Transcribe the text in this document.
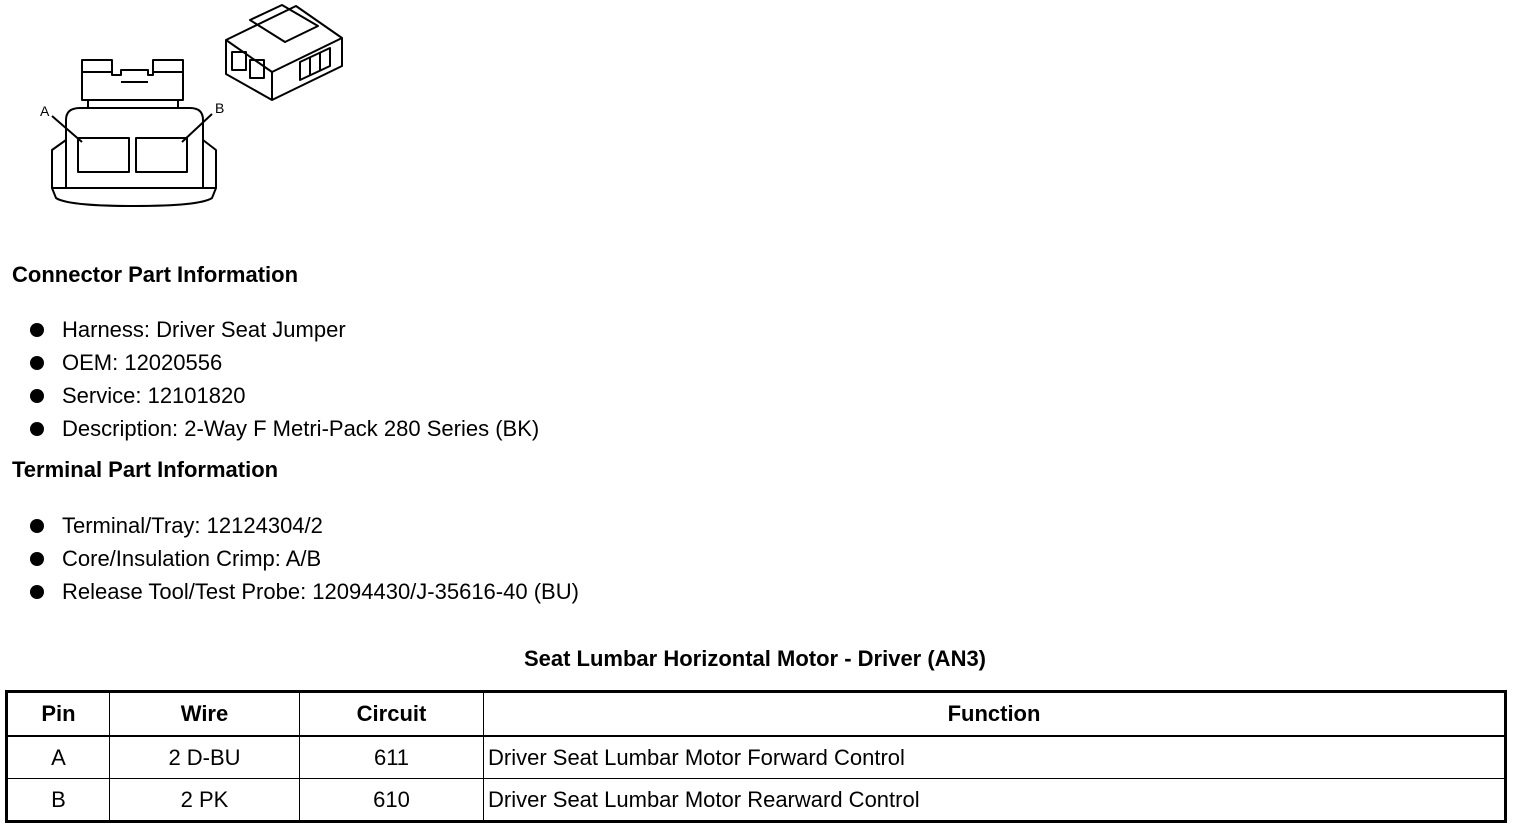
A	B
Connector Part Information
Harness: Driver Seat Jumper
OEM: 12020556
Service: 12101820
Description: 2-Way F Metri-Pack 280 Series (BK)
Terminal Part Information
Terminal/Tray: 12124304/2
Core/Insulation Crimp: A/B
Release Tool/Test Probe: 12094430/J-35616-40 (BU)
Seat Lumbar Horizontal Motor - Driver (AN3)
Pin	Wire	Circuit	Function
A	2 D-BU	611	Driver Seat Lumbar Motor Forward Control
B	2 PK	610	Driver Seat Lumbar Motor Rearward Control
